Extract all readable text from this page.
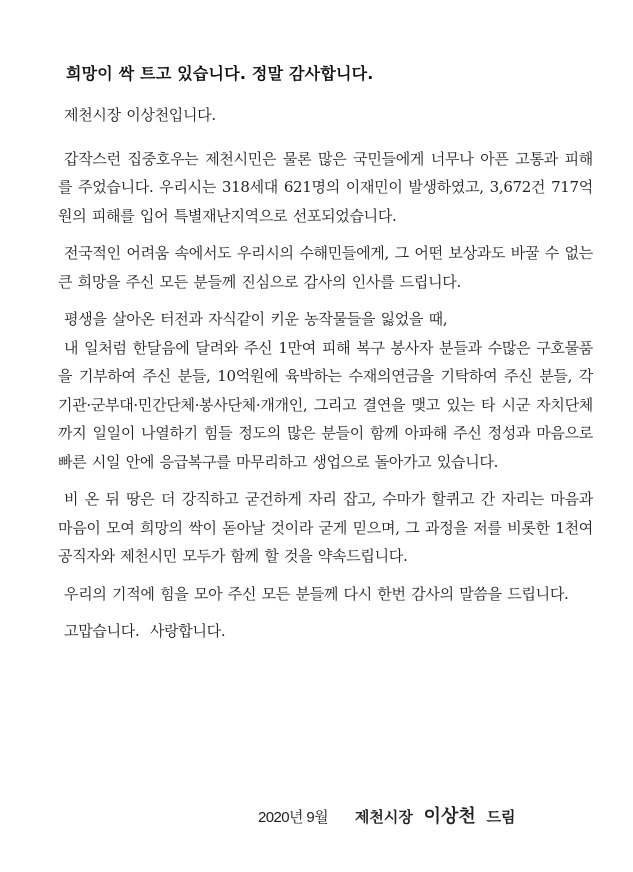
희망이 싹 트고 있습니다. 정말 감사합니다.

제천시장 이상천입니다.

갑작스런 집중호우는 제천시민은 물론 많은 국민들에게 너무나 아픈 고통과 피해를 주었습니다. 우리시는 318세대 621명의 이재민이 발생하였고, 3,672건 717억원의 피해를 입어 특별재난지역으로 선포되었습니다.

전국적인 어려움 속에서도 우리시의 수해민들에게, 그 어떤 보상과도 바꿀 수 없는 큰 희망을 주신 모든 분들께 진심으로 감사의 인사를 드립니다.

평생을 살아온 터전과 자식같이 키운 농작물들을 잃었을 때,

내 일처럼 한달음에 달려와 주신 1만여 피해 복구 봉사자 분들과 수많은 구호물품을 기부하여 주신 분들, 10억원에 육박하는 수재의연금을 기탁하여 주신 분들, 각 기관·군부대·민간단체·봉사단체·개개인, 그리고 결연을 맺고 있는 타 시군 자치단체까지 일일이 나열하기 힘들 정도의 많은 분들이 함께 아파해 주신 정성과 마음으로 빠른 시일 안에 응급복구를 마무리하고 생업으로 돌아가고 있습니다.

비 온 뒤 땅은 더 강직하고 굳건하게 자리 잡고, 수마가 할퀴고 간 자리는 마음과 마음이 모여 희망의 싹이 돋아날 것이라 굳게 믿으며, 그 과정을 저를 비롯한 1천여 공직자와 제천시민 모두가 함께 할 것을 약속드립니다.

우리의 기적에 힘을 모아 주신 모든 분들께 다시 한번 감사의 말씀을 드립니다.

고맙습니다. 사랑합니다.

2020년 9월 제천시장 이상천 드림
